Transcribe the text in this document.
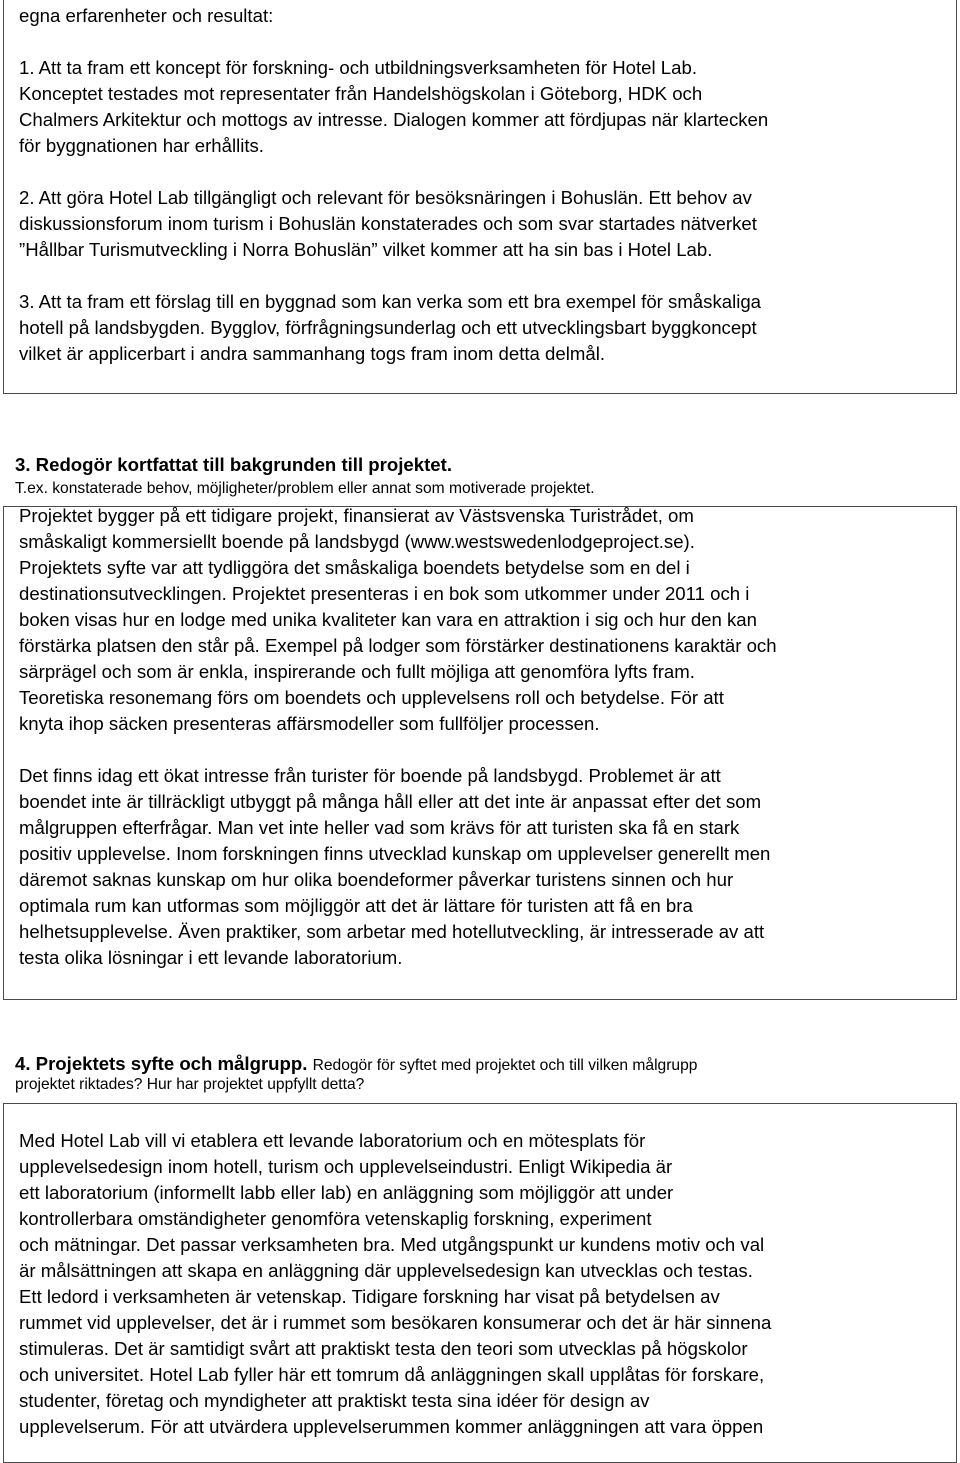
egna erfarenheter och resultat:

1. Att ta fram ett koncept för forskning- och utbildningsverksamheten för Hotel Lab.

Konceptet testades mot representater från Handelshögskolan i Göteborg, HDK och

Chalmers Arkitektur och mottogs av intresse. Dialogen kommer att fördjupas när klartecken

för byggnationen har erhållits.

2. Att göra Hotel Lab tillgängligt och relevant för besöksnäringen i Bohuslän. Ett behov av

diskussionsforum inom turism i Bohuslän konstaterades och som svar startades nätverket

”Hållbar Turismutveckling i Norra Bohuslän” vilket kommer att ha sin bas i Hotel Lab.

3. Att ta fram ett förslag till en byggnad som kan verka som ett bra exempel för småskaliga

hotell på landsbygden. Bygglov, förfrågningsunderlag och ett utvecklingsbart byggkoncept

vilket är applicerbart i andra sammanhang togs fram inom detta delmål.

3. Redogör kortfattat till bakgrunden till projektet.

T.ex. konstaterade behov, möjligheter/problem eller annat som motiverade projektet.

Projektet bygger på ett tidigare projekt, finansierat av Västsvenska Turistrådet, om

småskaligt kommersiellt boende på landsbygd (www.westswedenlodgeproject.se).

Projektets syfte var att tydliggöra det småskaliga boendets betydelse som en del i

destinationsutvecklingen. Projektet presenteras i en bok som utkommer under 2011 och i

boken visas hur en lodge med unika kvaliteter kan vara en attraktion i sig och hur den kan

förstärka platsen den står på. Exempel på lodger som förstärker destinationens karaktär och

särprägel och som är enkla, inspirerande och fullt möjliga att genomföra lyfts fram.

Teoretiska resonemang förs om boendets och upplevelsens roll och betydelse. För att

knyta ihop säcken presenteras affärsmodeller som fullföljer processen.

Det finns idag ett ökat intresse från turister för boende på landsbygd. Problemet är att

boendet inte är tillräckligt utbyggt på många håll eller att det inte är anpassat efter det som

målgruppen efterfrågar. Man vet inte heller vad som krävs för att turisten ska få en stark

positiv upplevelse. Inom forskningen finns utvecklad kunskap om upplevelser generellt men

däremot saknas kunskap om hur olika boendeformer påverkar turistens sinnen och hur

optimala rum kan utformas som möjliggör att det är lättare för turisten att få en bra

helhetsupplevelse. Även praktiker, som arbetar med hotellutveckling, är intresserade av att

testa olika lösningar i ett levande laboratorium.

4. Projektets syfte och målgrupp. Redogör för syftet med projektet och till vilken målgrupp

projektet riktades? Hur har projektet uppfyllt detta?

Med Hotel Lab vill vi etablera ett levande laboratorium och en mötesplats för

upplevelsedesign inom hotell, turism och upplevelseindustri. Enligt Wikipedia är

ett laboratorium (informellt labb eller lab) en anläggning som möjliggör att under

kontrollerbara omständigheter genomföra vetenskaplig forskning, experiment

och mätningar. Det passar verksamheten bra. Med utgångspunkt ur kundens motiv och val

är målsättningen att skapa en anläggning där upplevelsedesign kan utvecklas och testas.

Ett ledord i verksamheten är vetenskap. Tidigare forskning har visat på betydelsen av

rummet vid upplevelser, det är i rummet som besökaren konsumerar och det är här sinnena

stimuleras. Det är samtidigt svårt att praktiskt testa den teori som utvecklas på högskolor

och universitet. Hotel Lab fyller här ett tomrum då anläggningen skall upplåtas för forskare,

studenter, företag och myndigheter att praktiskt testa sina idéer för design av

upplevelserum. För att utvärdera upplevelserummen kommer anläggningen att vara öppen
